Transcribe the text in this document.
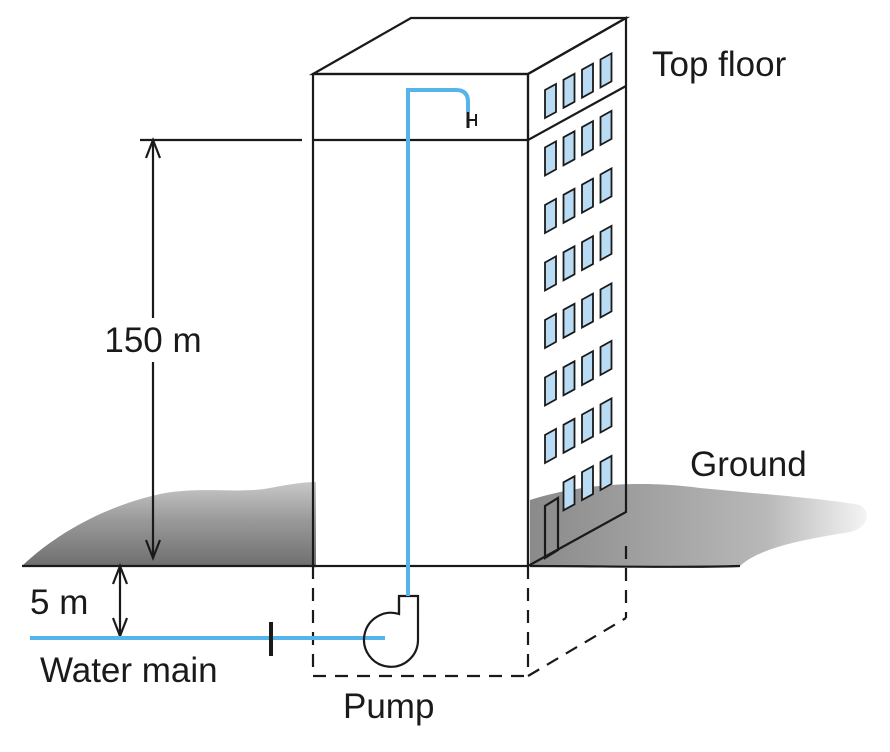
150 m
5 m
Top floor
Ground
Water main
Pump
